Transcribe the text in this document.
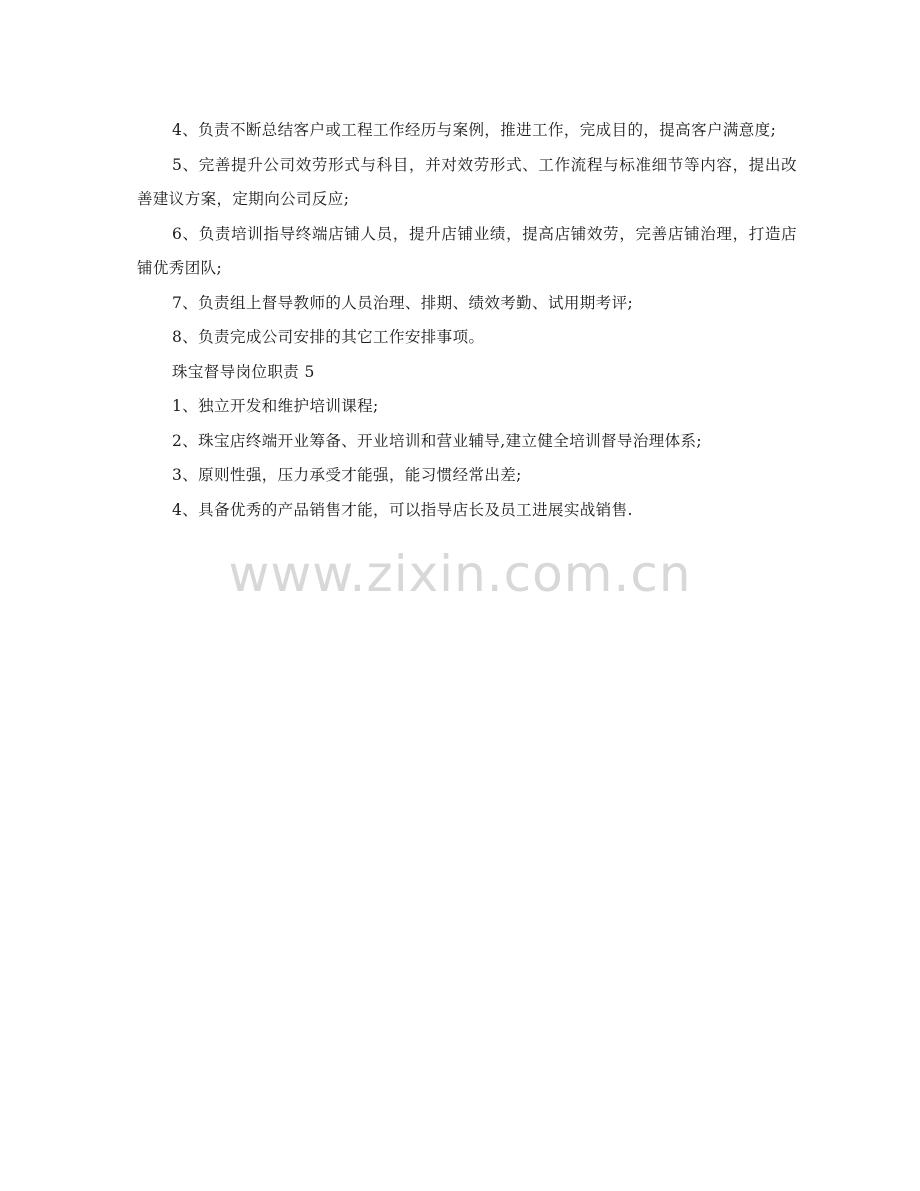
4、负责不断总结客户或工程工作经历与案例，推进工作，完成目的，提高客户满意度;

5、完善提升公司效劳形式与科目，并对效劳形式、工作流程与标准细节等内容，提出改善建议方案，定期向公司反应;

6、负责培训指导终端店铺人员，提升店铺业绩，提高店铺效劳，完善店铺治理，打造店铺优秀团队;

7、负责组上督导教师的人员治理、排期、绩效考勤、试用期考评;

8、负责完成公司安排的其它工作安排事项。

珠宝督导岗位职责 5

1、独立开发和维护培训课程;

2、珠宝店终端开业筹备、开业培训和营业辅导,建立健全培训督导治理体系;

3、原则性强，压力承受才能强，能习惯经常出差;

4、具备优秀的产品销售才能，可以指导店长及员工进展实战销售.

www.zixin.com.cn
